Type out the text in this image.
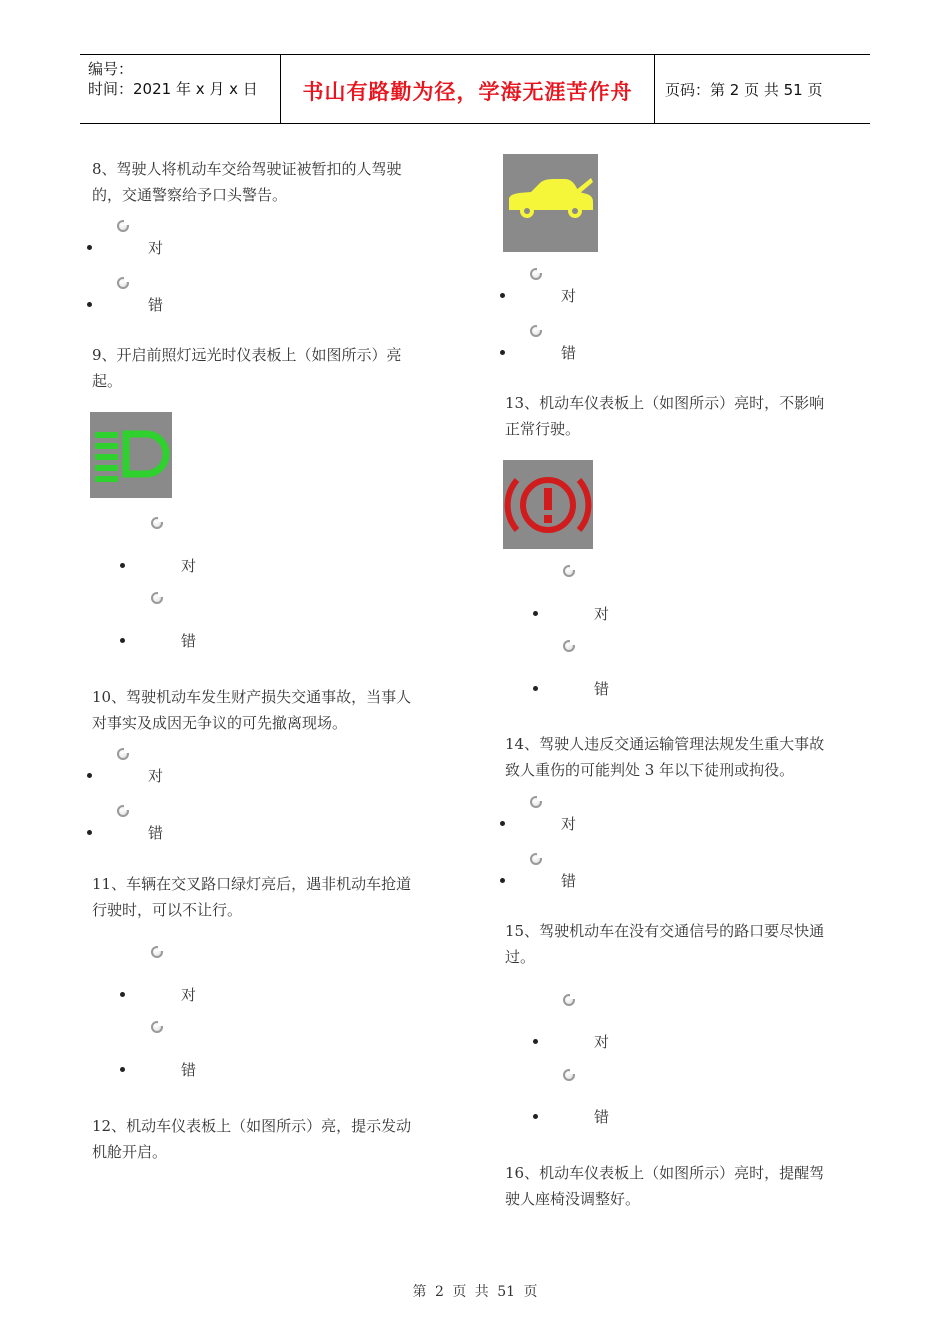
编号：
时间：2021 年 x 月 x 日	书山有路勤为径，学海无涯苦作舟	页码：第 2 页 共 51 页
8、驾驶人将机动车交给驾驶证被暂扣的人驾驶
的，交通警察给予口头警告。
对
错
9、开启前照灯远光时仪表板上（如图所示）亮
起。
对
错
10、驾驶机动车发生财产损失交通事故，当事人
对事实及成因无争议的可先撤离现场。
对
错
11、车辆在交叉路口绿灯亮后，遇非机动车抢道
行驶时，可以不让行。
对
错
12、机动车仪表板上（如图所示）亮，提示发动
机舱开启。
对
错
13、机动车仪表板上（如图所示）亮时，不影响
正常行驶。
对
错
14、驾驶人违反交通运输管理法规发生重大事故
致人重伤的可能判处 3 年以下徒刑或拘役。
对
错
15、驾驶机动车在没有交通信号的路口要尽快通
过。
对
错
16、机动车仪表板上（如图所示）亮时，提醒驾
驶人座椅没调整好。
第 2 页 共 51 页
